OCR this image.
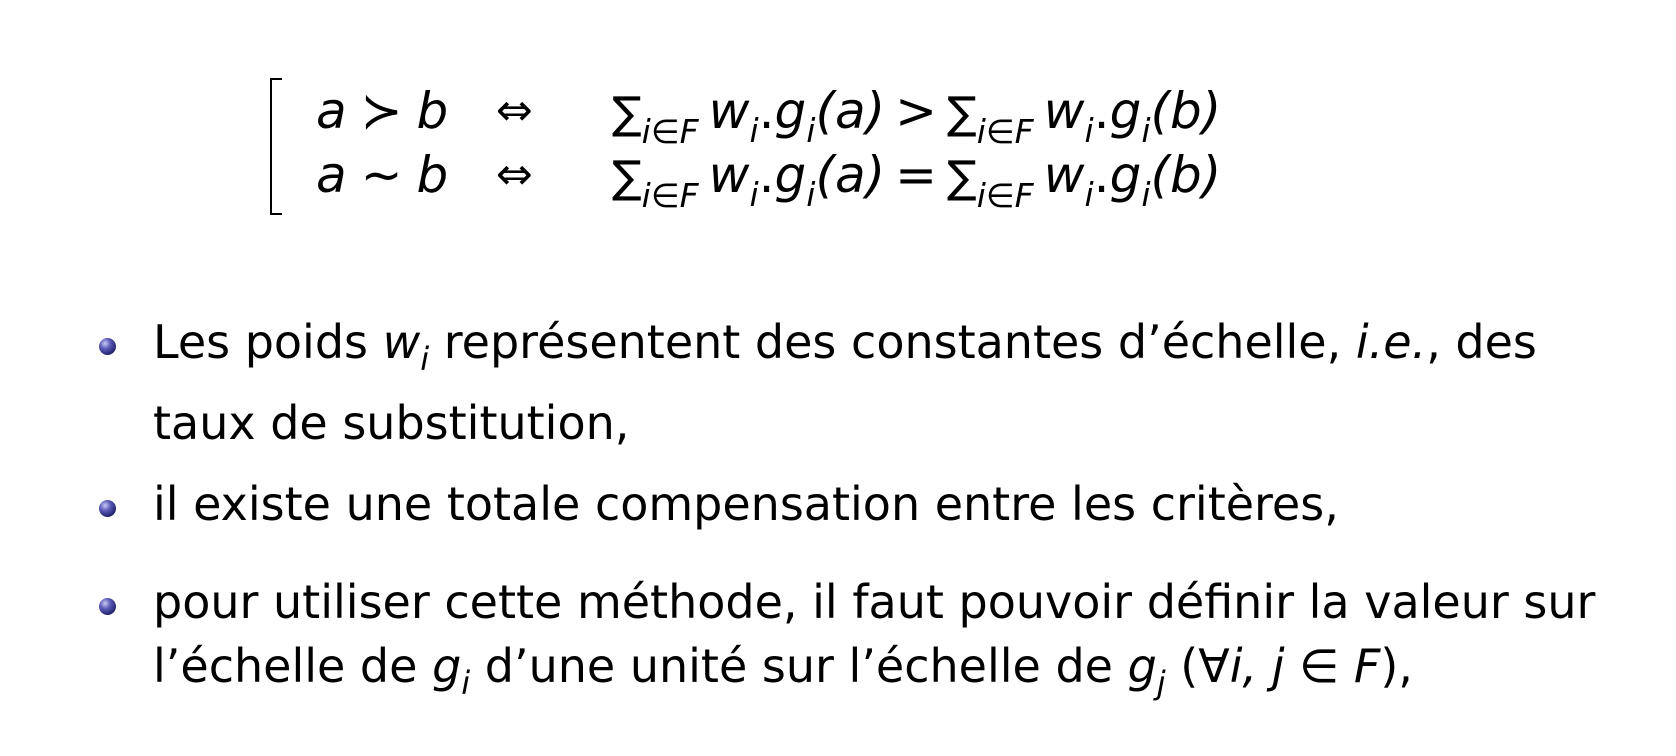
a ≻ b ⇔ $\sum_{i\in F}$ $w_i.g_i(a) > \sum_{i\in F}$ $w_i.g_i(b)$
a ∼ b ⇔ $\sum_{i\in F}$ $w_i.g_i(a) = \sum_{i\in F}$ $w_i.g_i(b)$
Les poids $w_i$ représentent des constantes d’échelle, i.e., des
taux de substitution,
il existe une totale compensation entre les critères,
pour utiliser cette méthode, il faut pouvoir définir la valeur sur
l’échelle de $g_i$ d’une unité sur l’échelle de $g_j$ (∀i, j ∈ F),
